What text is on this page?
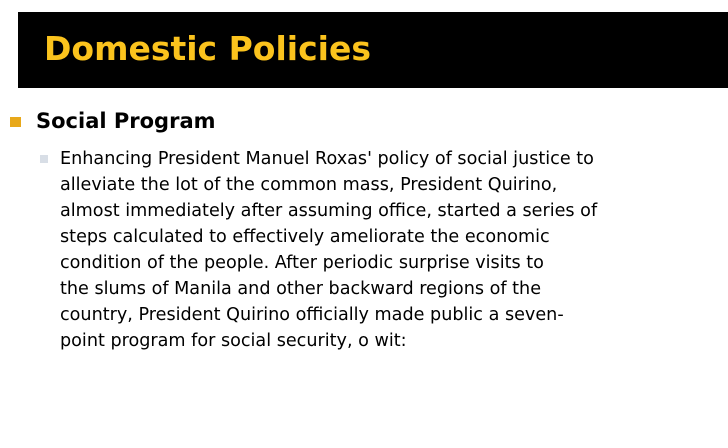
Domestic Policies
Social Program
Enhancing President Manuel Roxas' policy of social justice to
alleviate the lot of the common mass, President Quirino,
almost immediately after assuming office, started a series of
steps calculated to effectively ameliorate the economic
condition of the people. After periodic surprise visits to
the slums of Manila and other backward regions of the
country, President Quirino officially made public a seven-
point program for social security, o wit:
